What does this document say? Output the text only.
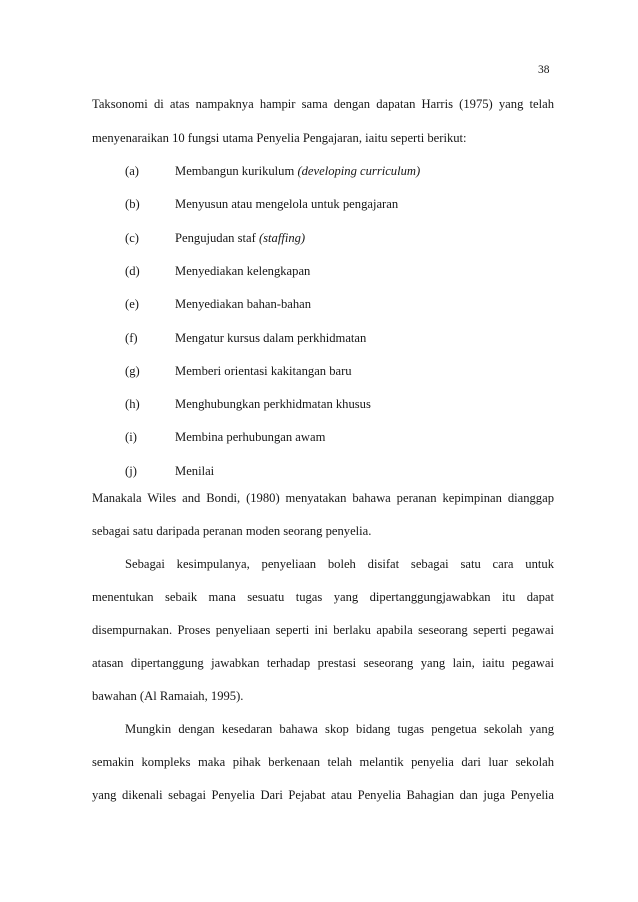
38
Taksonomi di atas nampaknya hampir sama dengan dapatan Harris (1975) yang telah
menyenaraikan 10 fungsi utama Penyelia Pengajaran, iaitu seperti berikut:
(a)	Membangun kurikulum (developing curriculum)
(b)	Menyusun atau mengelola untuk pengajaran
(c)	Pengujudan staf (staffing)
(d)	Menyediakan kelengkapan
(e)	Menyediakan bahan-bahan
(f)	Mengatur kursus dalam perkhidmatan
(g)	Memberi orientasi kakitangan baru
(h)	Menghubungkan perkhidmatan khusus
(i)	Membina perhubungan awam
(j)	Menilai
Manakala Wiles and Bondi, (1980) menyatakan bahawa peranan kepimpinan dianggap
sebagai satu daripada peranan moden seorang penyelia.
Sebagai kesimpulanya, penyeliaan boleh disifat sebagai satu cara untuk
menentukan sebaik mana sesuatu tugas yang dipertanggungjawabkan itu dapat
disempurnakan. Proses penyeliaan seperti ini berlaku apabila seseorang seperti pegawai
atasan dipertanggung jawabkan terhadap prestasi seseorang yang lain, iaitu pegawai
bawahan (Al Ramaiah, 1995).
Mungkin dengan kesedaran bahawa skop bidang tugas pengetua sekolah yang
semakin kompleks maka pihak berkenaan telah melantik penyelia dari luar sekolah
yang dikenali sebagai Penyelia Dari Pejabat atau Penyelia Bahagian dan juga Penyelia
